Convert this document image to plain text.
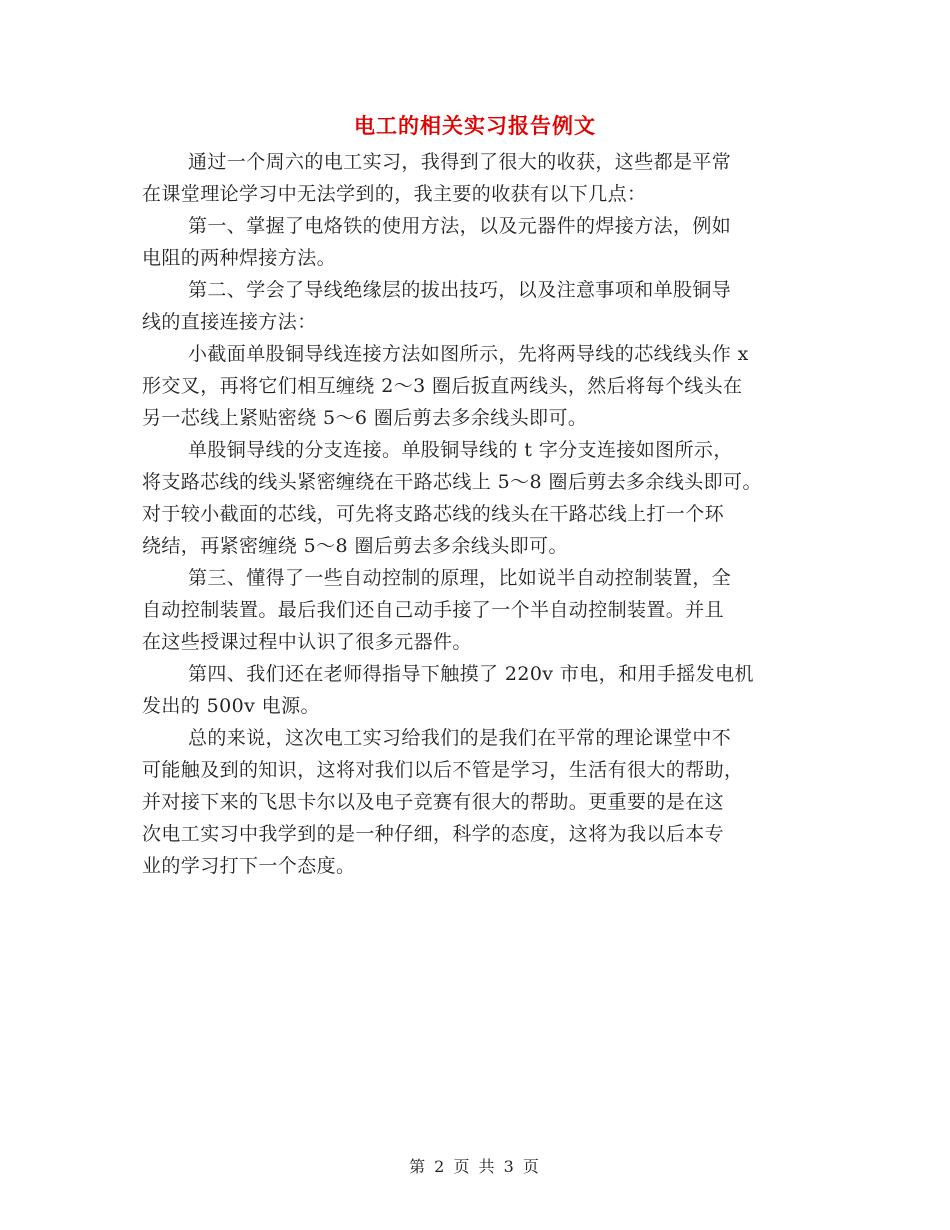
电工的相关实习报告例文
通过一个周六的电工实习，我得到了很大的收获，这些都是平常
在课堂理论学习中无法学到的，我主要的收获有以下几点：
第一、掌握了电烙铁的使用方法，以及元器件的焊接方法，例如
电阻的两种焊接方法。
第二、学会了导线绝缘层的拔出技巧，以及注意事项和单股铜导
线的直接连接方法：
小截面单股铜导线连接方法如图所示，先将两导线的芯线线头作 x
形交叉，再将它们相互缠绕 2～3 圈后扳直两线头，然后将每个线头在
另一芯线上紧贴密绕 5～6 圈后剪去多余线头即可。
单股铜导线的分支连接。单股铜导线的 t 字分支连接如图所示，
将支路芯线的线头紧密缠绕在干路芯线上 5～8 圈后剪去多余线头即可。
对于较小截面的芯线，可先将支路芯线的线头在干路芯线上打一个环
绕结，再紧密缠绕 5～8 圈后剪去多余线头即可。
第三、懂得了一些自动控制的原理，比如说半自动控制装置，全
自动控制装置。最后我们还自己动手接了一个半自动控制装置。并且
在这些授课过程中认识了很多元器件。
第四、我们还在老师得指导下触摸了 220v 市电，和用手摇发电机
发出的 500v 电源。
总的来说，这次电工实习给我们的是我们在平常的理论课堂中不
可能触及到的知识，这将对我们以后不管是学习，生活有很大的帮助，
并对接下来的飞思卡尔以及电子竞赛有很大的帮助。更重要的是在这
次电工实习中我学到的是一种仔细，科学的态度，这将为我以后本专
业的学习打下一个态度。
第 2 页 共 3 页
